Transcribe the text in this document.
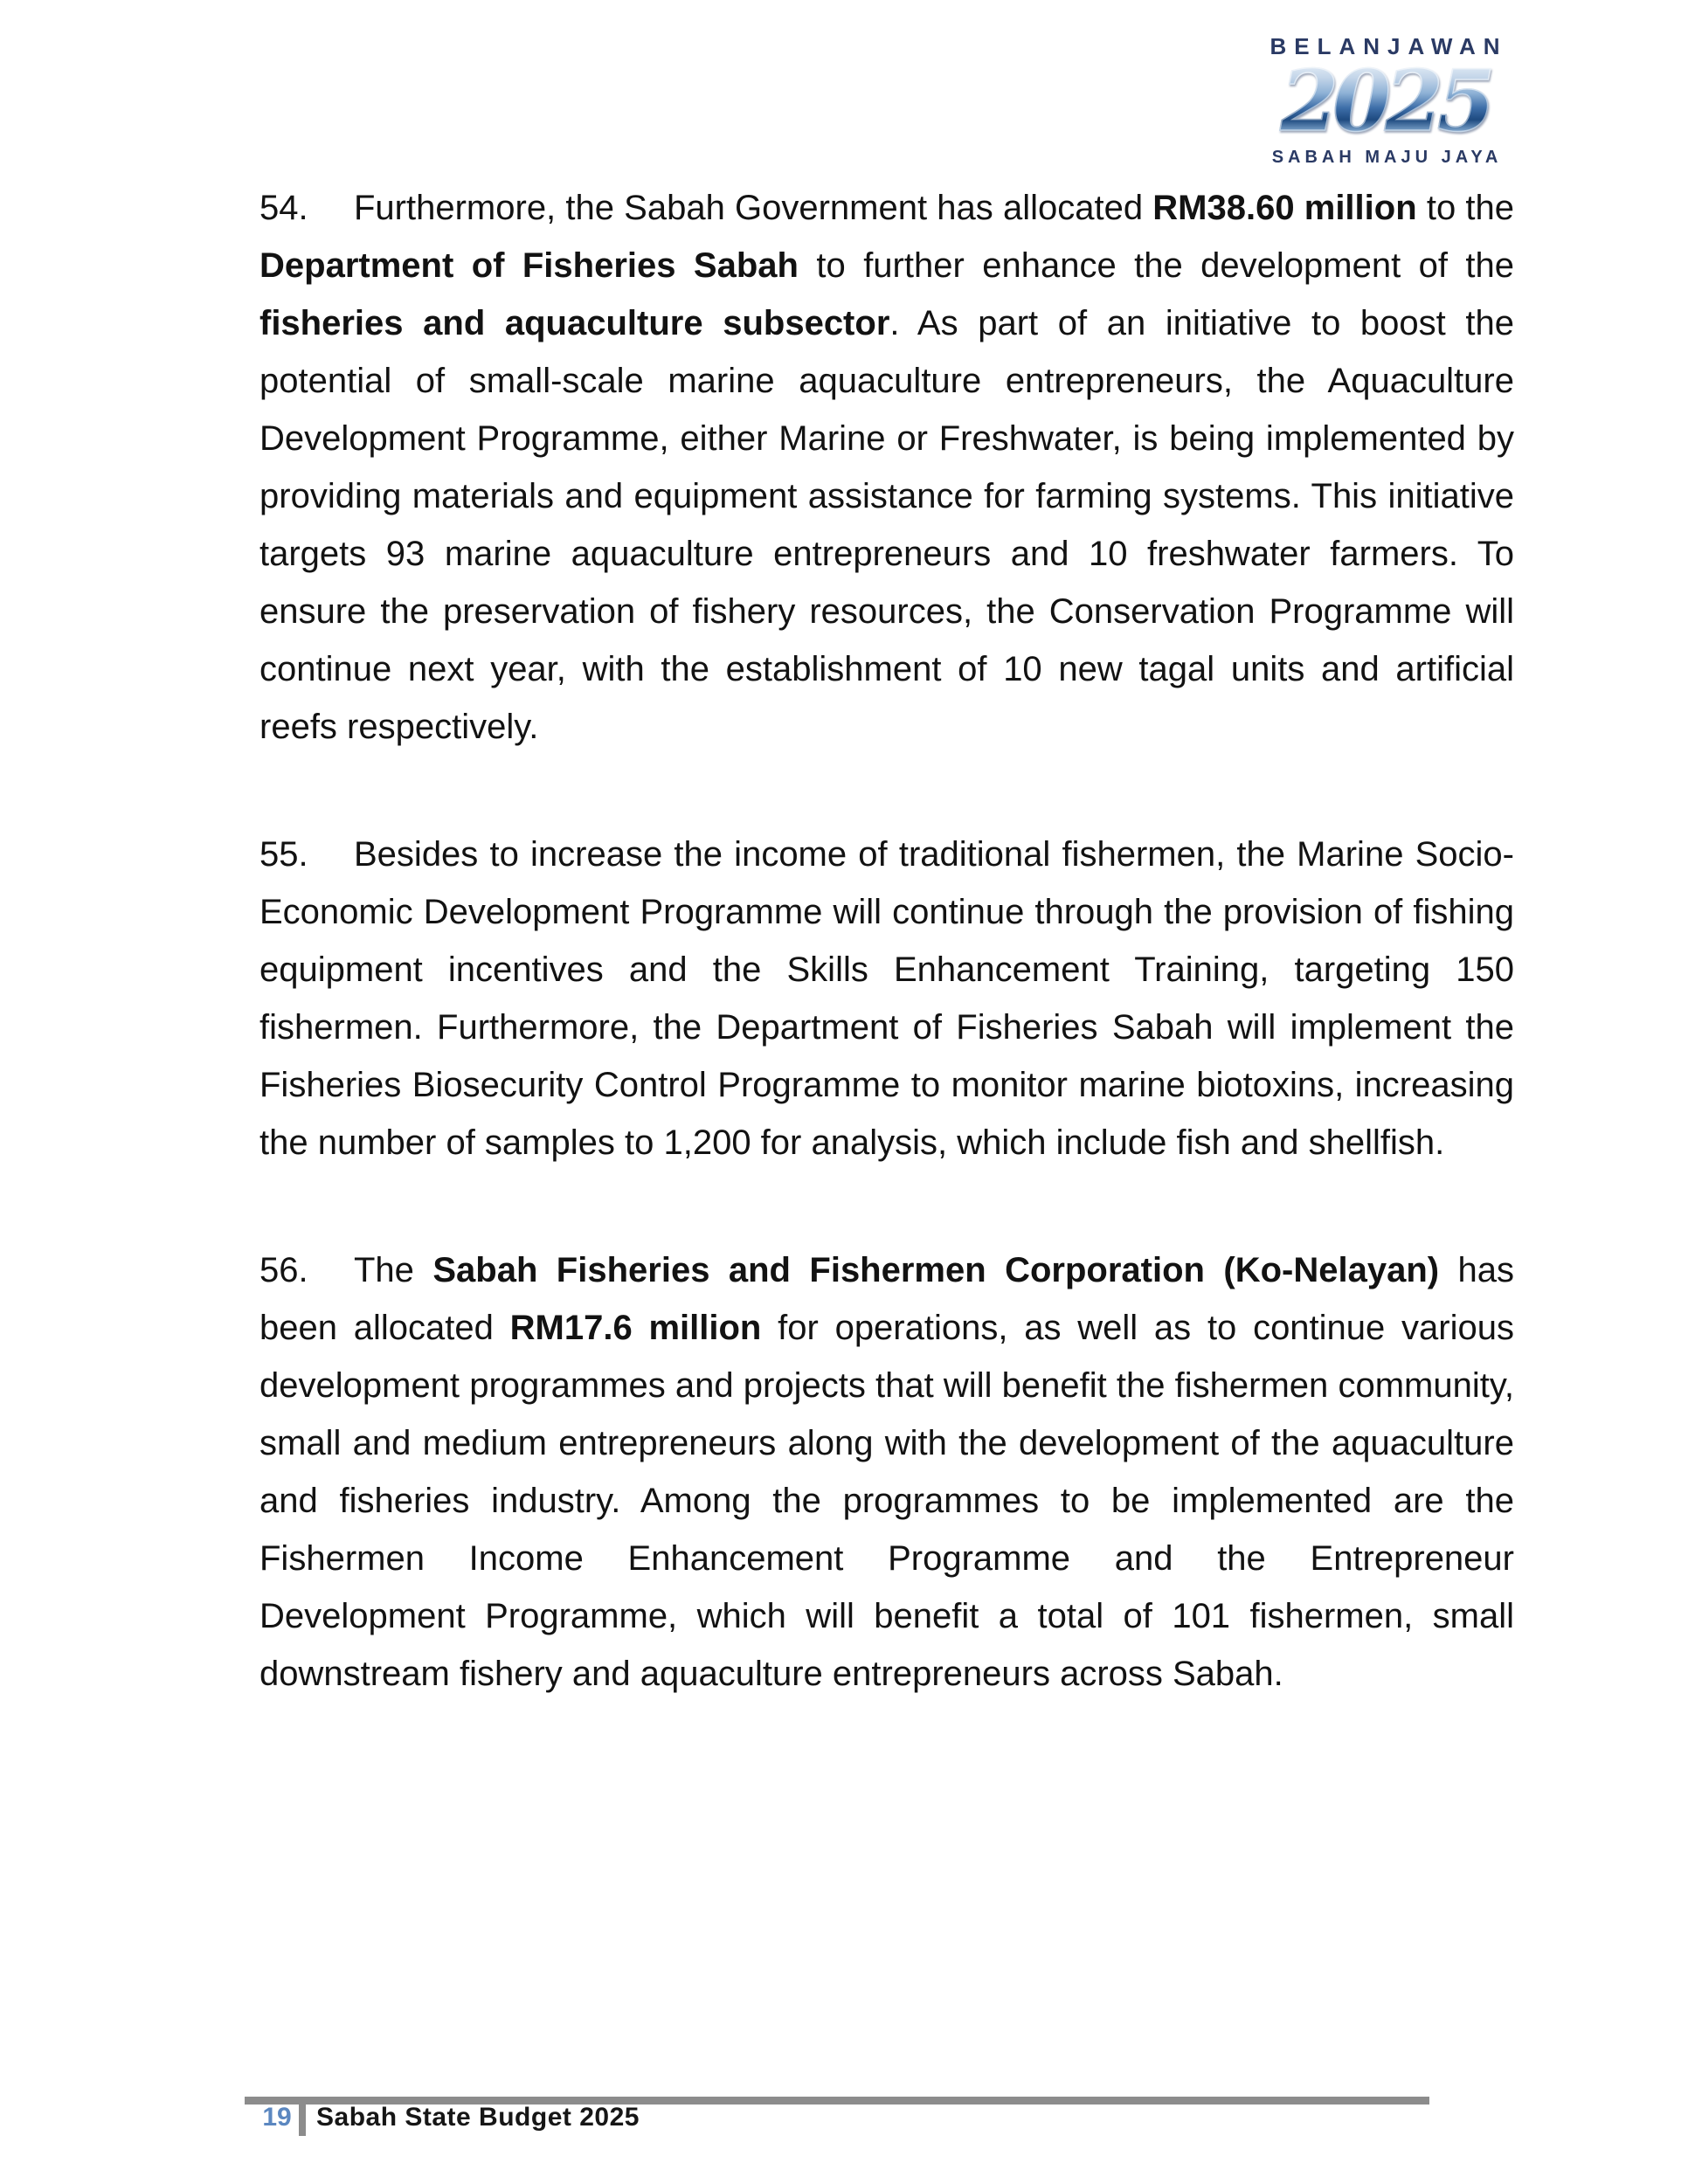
BELANJAWAN
2025
SABAH MAJU JAYA

54. Furthermore, the Sabah Government has allocated RM38.60 million to the Department of Fisheries Sabah to further enhance the development of the fisheries and aquaculture subsector. As part of an initiative to boost the potential of small-scale marine aquaculture entrepreneurs, the Aquaculture Development Programme, either Marine or Freshwater, is being implemented by providing materials and equipment assistance for farming systems. This initiative targets 93 marine aquaculture entrepreneurs and 10 freshwater farmers. To ensure the preservation of fishery resources, the Conservation Programme will continue next year, with the establishment of 10 new tagal units and artificial reefs respectively.

55. Besides to increase the income of traditional fishermen, the Marine Socio-Economic Development Programme will continue through the provision of fishing equipment incentives and the Skills Enhancement Training, targeting 150 fishermen. Furthermore, the Department of Fisheries Sabah will implement the Fisheries Biosecurity Control Programme to monitor marine biotoxins, increasing the number of samples to 1,200 for analysis, which include fish and shellfish.

56. The Sabah Fisheries and Fishermen Corporation (Ko-Nelayan) has been allocated RM17.6 million for operations, as well as to continue various development programmes and projects that will benefit the fishermen community, small and medium entrepreneurs along with the development of the aquaculture and fisheries industry. Among the programmes to be implemented are the Fishermen Income Enhancement Programme and the Entrepreneur Development Programme, which will benefit a total of 101 fishermen, small downstream fishery and aquaculture entrepreneurs across Sabah.

19 Sabah State Budget 2025
